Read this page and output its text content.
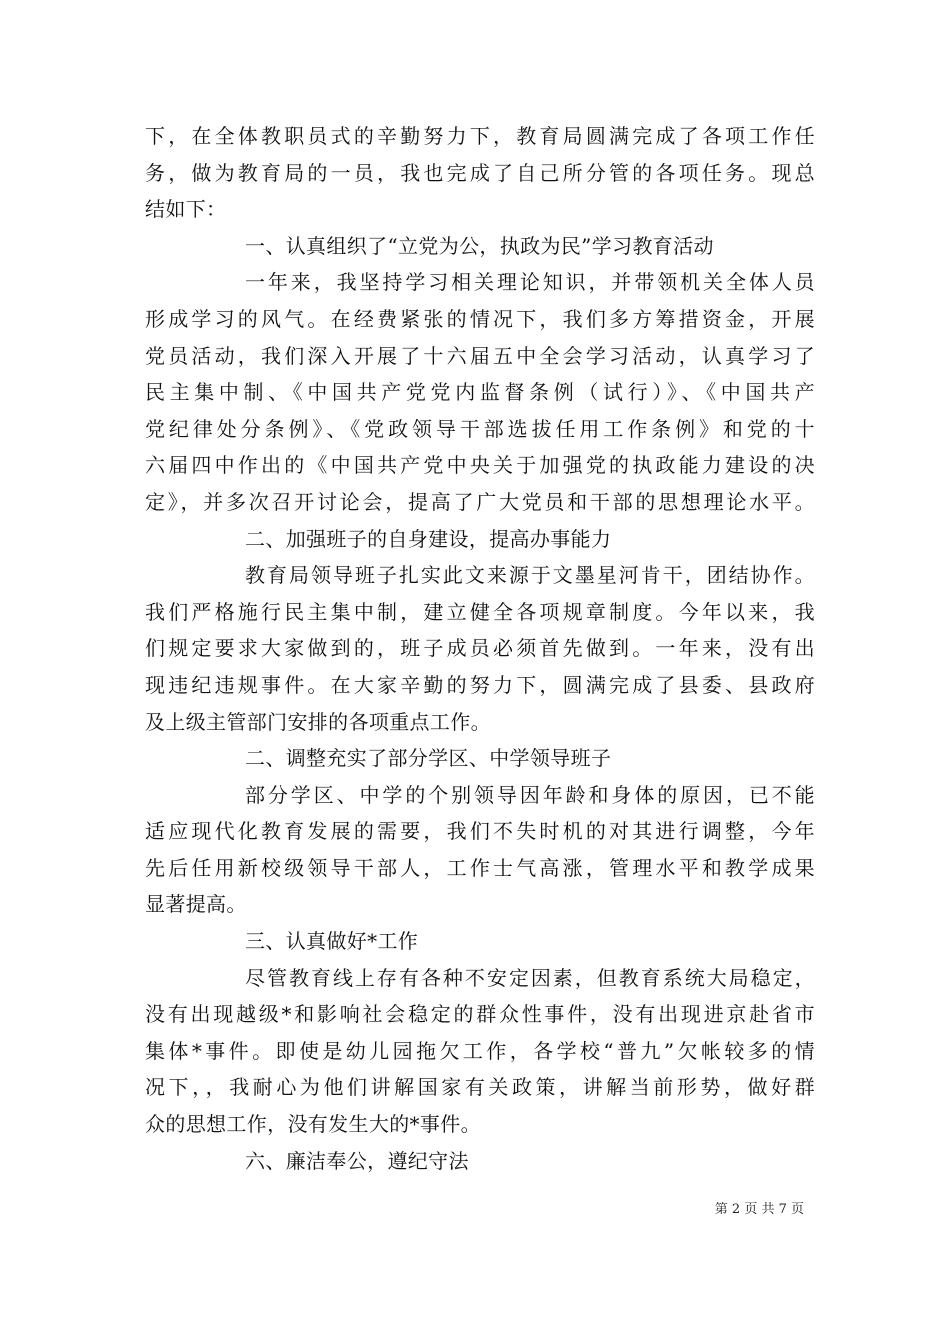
下，在全体教职员式的辛勤努力下，教育局圆满完成了各项工作任
务，做为教育局的一员，我也完成了自己所分管的各项任务。现总
结如下：
一、认真组织了“立党为公，执政为民”学习教育活动
一年来，我坚持学习相关理论知识，并带领机关全体人员
形成学习的风气。在经费紧张的情况下，我们多方筹措资金，开展
党员活动，我们深入开展了十六届五中全会学习活动，认真学习了
民主集中制、《中国共产党党内监督条例（试行）》、《中国共产
党纪律处分条例》、《党政领导干部选拔任用工作条例》和党的十
六届四中作出的《中国共产党中央关于加强党的执政能力建设的决
定》，并多次召开讨论会，提高了广大党员和干部的思想理论水平。
二、加强班子的自身建设，提高办事能力
教育局领导班子扎实此文来源于文墨星河肯干，团结协作。
我们严格施行民主集中制，建立健全各项规章制度。今年以来，我
们规定要求大家做到的，班子成员必须首先做到。一年来，没有出
现违纪违规事件。在大家辛勤的努力下，圆满完成了县委、县政府
及上级主管部门安排的各项重点工作。
二、调整充实了部分学区、中学领导班子
部分学区、中学的个别领导因年龄和身体的原因，已不能
适应现代化教育发展的需要，我们不失时机的对其进行调整，今年
先后任用新校级领导干部人，工作士气高涨，管理水平和教学成果
显著提高。
三、认真做好*工作
尽管教育线上存有各种不安定因素，但教育系统大局稳定，
没有出现越级*和影响社会稳定的群众性事件，没有出现进京赴省市
集体*事件。即使是幼儿园拖欠工作，各学校“普九”欠帐较多的情
况下，，我耐心为他们讲解国家有关政策，讲解当前形势，做好群
众的思想工作，没有发生大的*事件。
六、廉洁奉公，遵纪守法
第 2 页 共 7 页
